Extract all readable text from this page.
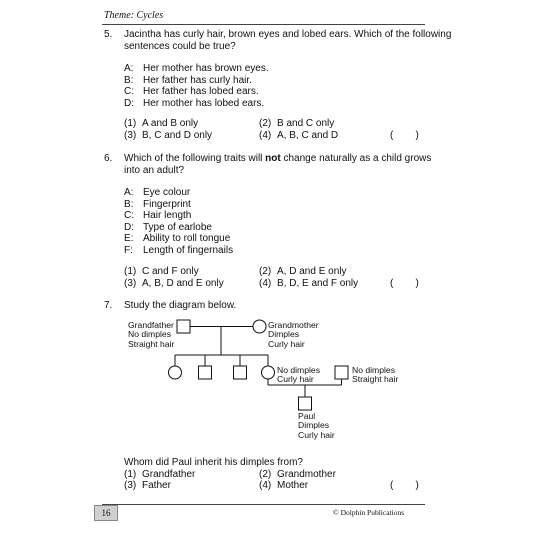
Theme: Cycles
5. Jacintha has curly hair, brown eyes and lobed ears. Which of the following
sentences could be true?
A: Her mother has brown eyes.
B: Her father has curly hair.
C: Her father has lobed ears.
D: Her mother has lobed ears.
(1) A and B only	(2) B and C only
(3) B, C and D only	(4) A, B, C and D	(        )
6. Which of the following traits will not change naturally as a child grows
into an adult?
A: Eye colour
B: Fingerprint
C: Hair length
D: Type of earlobe
E: Ability to roll tongue
F: Length of fingernails
(1) C and F only	(2) A, D and E only
(3) A, B, D and E only	(4) B, D, E and F only	(        )
7. Study the diagram below.
Grandfather
No dimples
Straight hair
Grandmother
Dimples
Curly hair
No dimples
Curly hair
No dimples
Straight hair
Paul
Dimples
Curly hair
Whom did Paul inherit his dimples from?
(1) Grandfather	(2) Grandmother
(3) Father	(4) Mother	(        )
16	© Dolphin Publications
